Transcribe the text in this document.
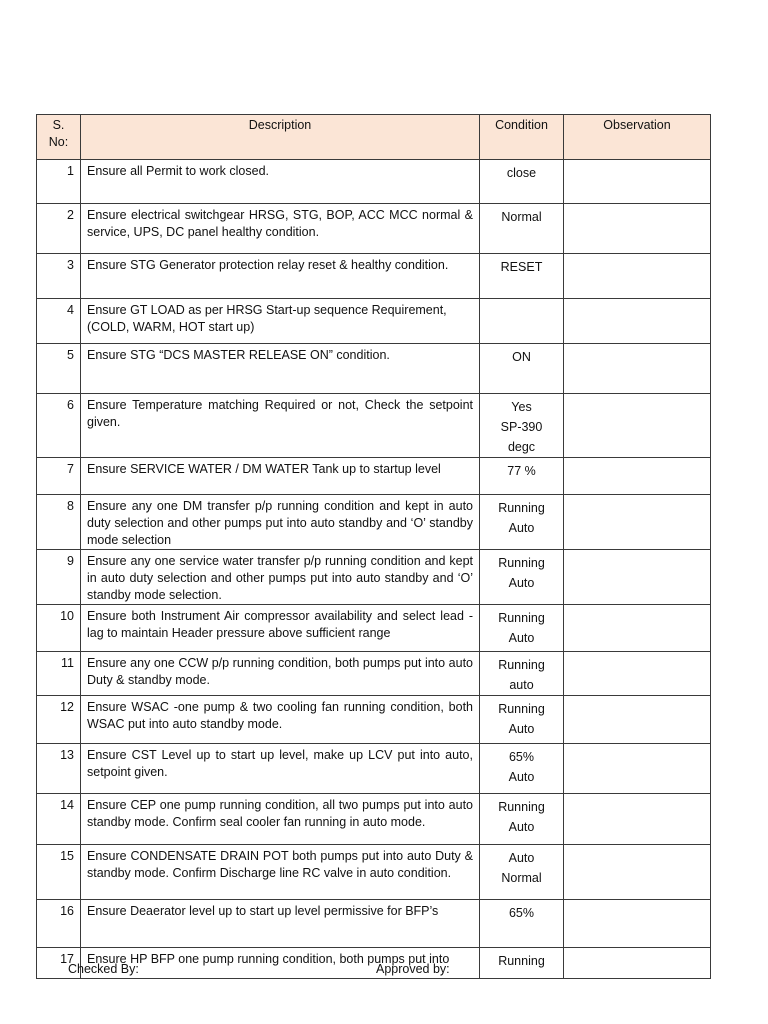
S. No:	Description	Condition	Observation
1	Ensure all Permit to work closed.	close	
2	Ensure electrical switchgear HRSG, STG, BOP, ACC MCC normal & service, UPS, DC panel healthy condition.	Normal	
3	Ensure STG Generator protection relay reset & healthy condition.	RESET	
4	Ensure GT LOAD as per HRSG Start-up sequence Requirement,
(COLD, WARM, HOT start up)		
5	Ensure STG “DCS MASTER RELEASE ON” condition.	ON	
6	Ensure Temperature matching Required or not, Check the setpoint given.	Yes
SP-390 degc	
7	Ensure SERVICE WATER / DM WATER Tank up to startup level	77 %	
8	Ensure any one DM transfer p/p running condition and kept in auto duty selection and other pumps put into auto standby and ‘O’ standby mode selection	Running
Auto	
9	Ensure any one service water transfer p/p running condition and kept in auto duty selection and other pumps put into auto standby and ‘O’ standby mode selection.	Running
Auto	
10	Ensure both Instrument Air compressor availability and select lead - lag to maintain Header pressure above sufficient range	Running
Auto	
11	Ensure any one CCW p/p running condition, both pumps put into auto Duty & standby mode.	Running
auto	
12	Ensure WSAC -one pump & two cooling fan running condition, both WSAC put into auto standby mode.	Running
Auto	
13	Ensure CST Level up to start up level, make up LCV put into auto, setpoint given.	65%
Auto	
14	Ensure CEP one pump running condition, all two pumps put into auto standby mode. Confirm seal cooler fan running in auto mode.	Running
Auto	
15	Ensure CONDENSATE DRAIN POT both pumps put into auto Duty & standby mode. Confirm Discharge line RC valve in auto condition.	Auto
Normal	
16	Ensure Deaerator level up to start up level permissive for BFP’s	65%	
17	Ensure HP BFP one pump running condition, both pumps put into	Running	
Checked By:	Approved by:
